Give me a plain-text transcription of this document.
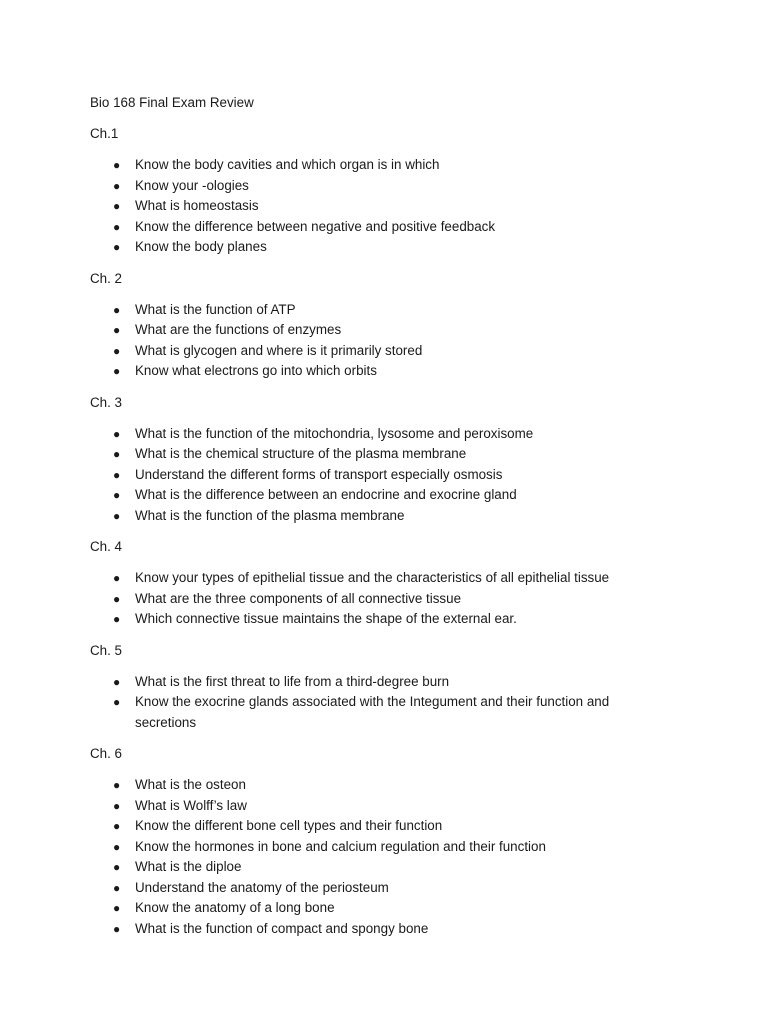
Bio 168 Final Exam Review
Ch.1
● Know the body cavities and which organ is in which
● Know your -ologies
● What is homeostasis
● Know the difference between negative and positive feedback
● Know the body planes
Ch. 2
● What is the function of ATP
● What are the functions of enzymes
● What is glycogen and where is it primarily stored
● Know what electrons go into which orbits
Ch. 3
● What is the function of the mitochondria, lysosome and peroxisome
● What is the chemical structure of the plasma membrane
● Understand the different forms of transport especially osmosis
● What is the difference between an endocrine and exocrine gland
● What is the function of the plasma membrane
Ch. 4
● Know your types of epithelial tissue and the characteristics of all epithelial tissue
● What are the three components of all connective tissue
● Which connective tissue maintains the shape of the external ear.
Ch. 5
● What is the first threat to life from a third-degree burn
● Know the exocrine glands associated with the Integument and their function and secretions
Ch. 6
● What is the osteon
● What is Wolff’s law
● Know the different bone cell types and their function
● Know the hormones in bone and calcium regulation and their function
● What is the diploe
● Understand the anatomy of the periosteum
● Know the anatomy of a long bone
● What is the function of compact and spongy bone
